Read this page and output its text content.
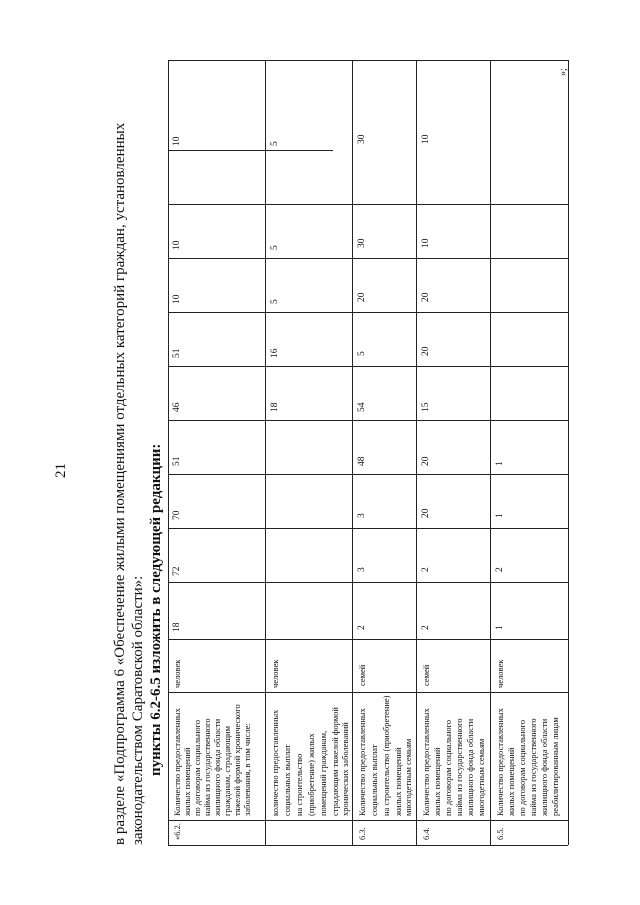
21	в разделе «Подпрограмма 6 «Обеспечение жилыми помещениями отдельных категорий граждан, установленных законодательством Саратовской области»: пункты 6.2-6.5 изложить в следующей редакции:
«6.2.
Количество предоставленных жилых помещений по договорам социального найма из государственного жилищного фонда области гражданам, страдающим тяжелой формой хронического заболевания, в том числе:
человек
18
72
70
51
46
51
10
10
10
количество предоставленных социальных выплат на строительство (приобретение) жилых помещений гражданам, страдающим тяжелой формой хронических заболеваний
человек
18
16
5
5
5
6.3.
Количество предоставленных социальных выплат на строительство (приобретение) жилых помещений многодетным семьям
семей
2
3
3
48
54
5
20
30
30
6.4.
Количество предоставленных жилых помещений по договорам социального найма из государственного жилищного фонда области многодетным семьям
семей
2
2
20
20
15
20
20
10
10
6.5.
Количество предоставленных жилых помещений по договорам социального найма из государственного жилищного фонда области реабилитированным лицам
человек
1
2
1
1
»;
